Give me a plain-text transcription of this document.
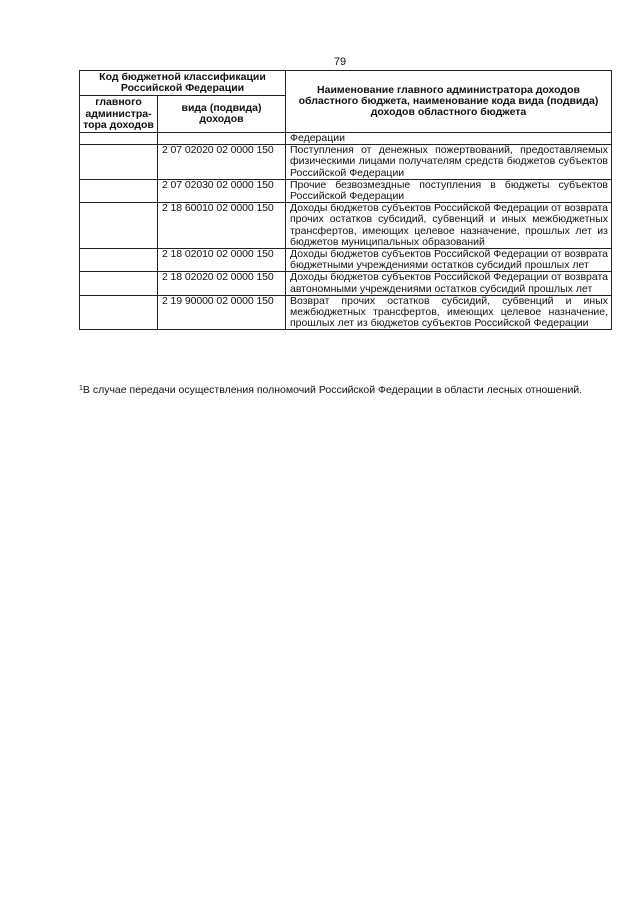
79
Код бюджетной классификации Российской Федерации		Наименование главного администратора доходов областного бюджета, наименование кода вида (подвида) доходов областного бюджета
главного администра-тора доходов	вида (подвида) доходов	
		Федерации
	2 07 02020 02 0000 150	Поступления от денежных пожертвований, предоставляемых физическими лицами получателям средств бюджетов субъектов Российской Федерации
	2 07 02030 02 0000 150	Прочие безвозмездные поступления в бюджеты субъектов Российской Федерации
	2 18 60010 02 0000 150	Доходы бюджетов субъектов Российской Федерации от возврата прочих остатков субсидий, субвенций и иных межбюджетных трансфертов, имеющих целевое назначение, прошлых лет из бюджетов муниципальных образований
	2 18 02010 02 0000 150	Доходы бюджетов субъектов Российской Федерации от возврата бюджетными учреждениями остатков субсидий прошлых лет
	2 18 02020 02 0000 150	Доходы бюджетов субъектов Российской Федерации от возврата автономными учреждениями остатков субсидий прошлых лет
	2 19 90000 02 0000 150	Возврат прочих остатков субсидий, субвенций и иных межбюджетных трансфертов, имеющих целевое назначение, прошлых лет из бюджетов субъектов Российской Федерации
$^1$В случае передачи осуществления полномочий Российской Федерации в области лесных отношений.
